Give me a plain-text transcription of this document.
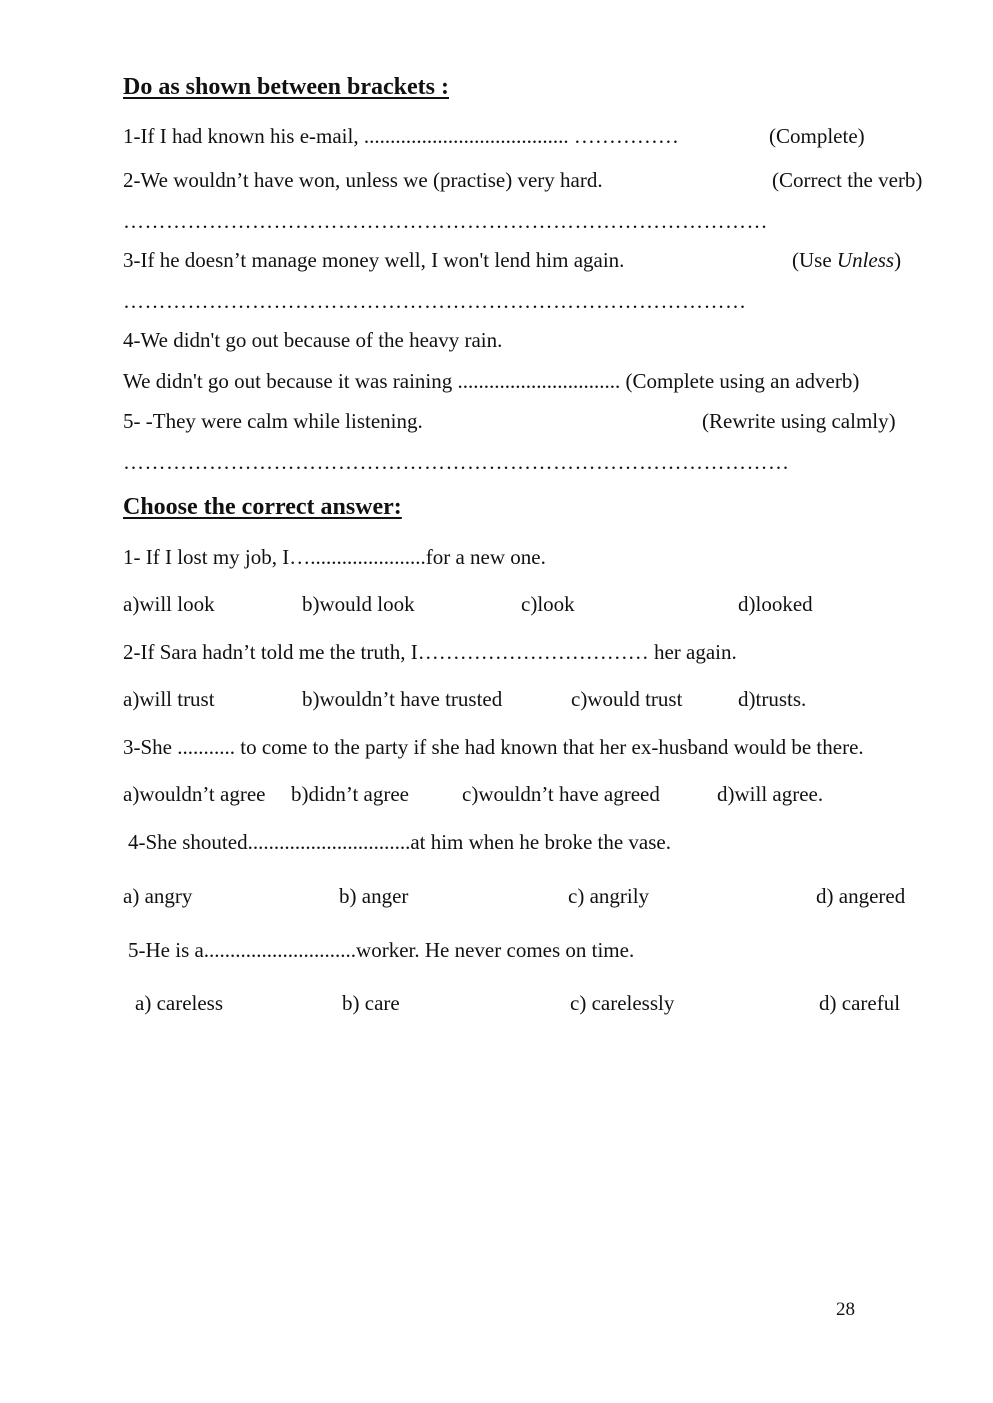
Do as shown between brackets :
1-If I had known his e-mail, ....................................... ……………	(Complete)
2-We wouldn’t have won, unless we (practise) very hard.	(Correct the verb)
………………………………………………………………………………
3-If he doesn’t manage money well, I won't lend him again.	(Use Unless)
……………………………………………………………………………
4-We didn't go out because of the heavy rain.
We didn't go out because it was raining ............................... (Complete using an adverb)
5- -They were calm while listening.	(Rewrite using calmly)
…………………………………………………………………………………
Choose the correct answer:
1- If I lost my job, I…......................for a new one.
a)will look	b)would look	c)look	d)looked
2-If Sara hadn’t told me the truth, I…………………………… her again.
a)will trust	b)wouldn’t have trusted	c)would trust	d)trusts.
3-She ........... to come to the party if she had known that her ex-husband would be there.
a)wouldn’t agree b)didn’t agree	c)wouldn’t have agreed	d)will agree.
4-She shouted...............................at him when he broke the vase.
a) angry	b) anger	c) angrily	d) angered
5-He is a.............................worker. He never comes on time.
a) careless	b) care	c) carelessly	d) careful
28
